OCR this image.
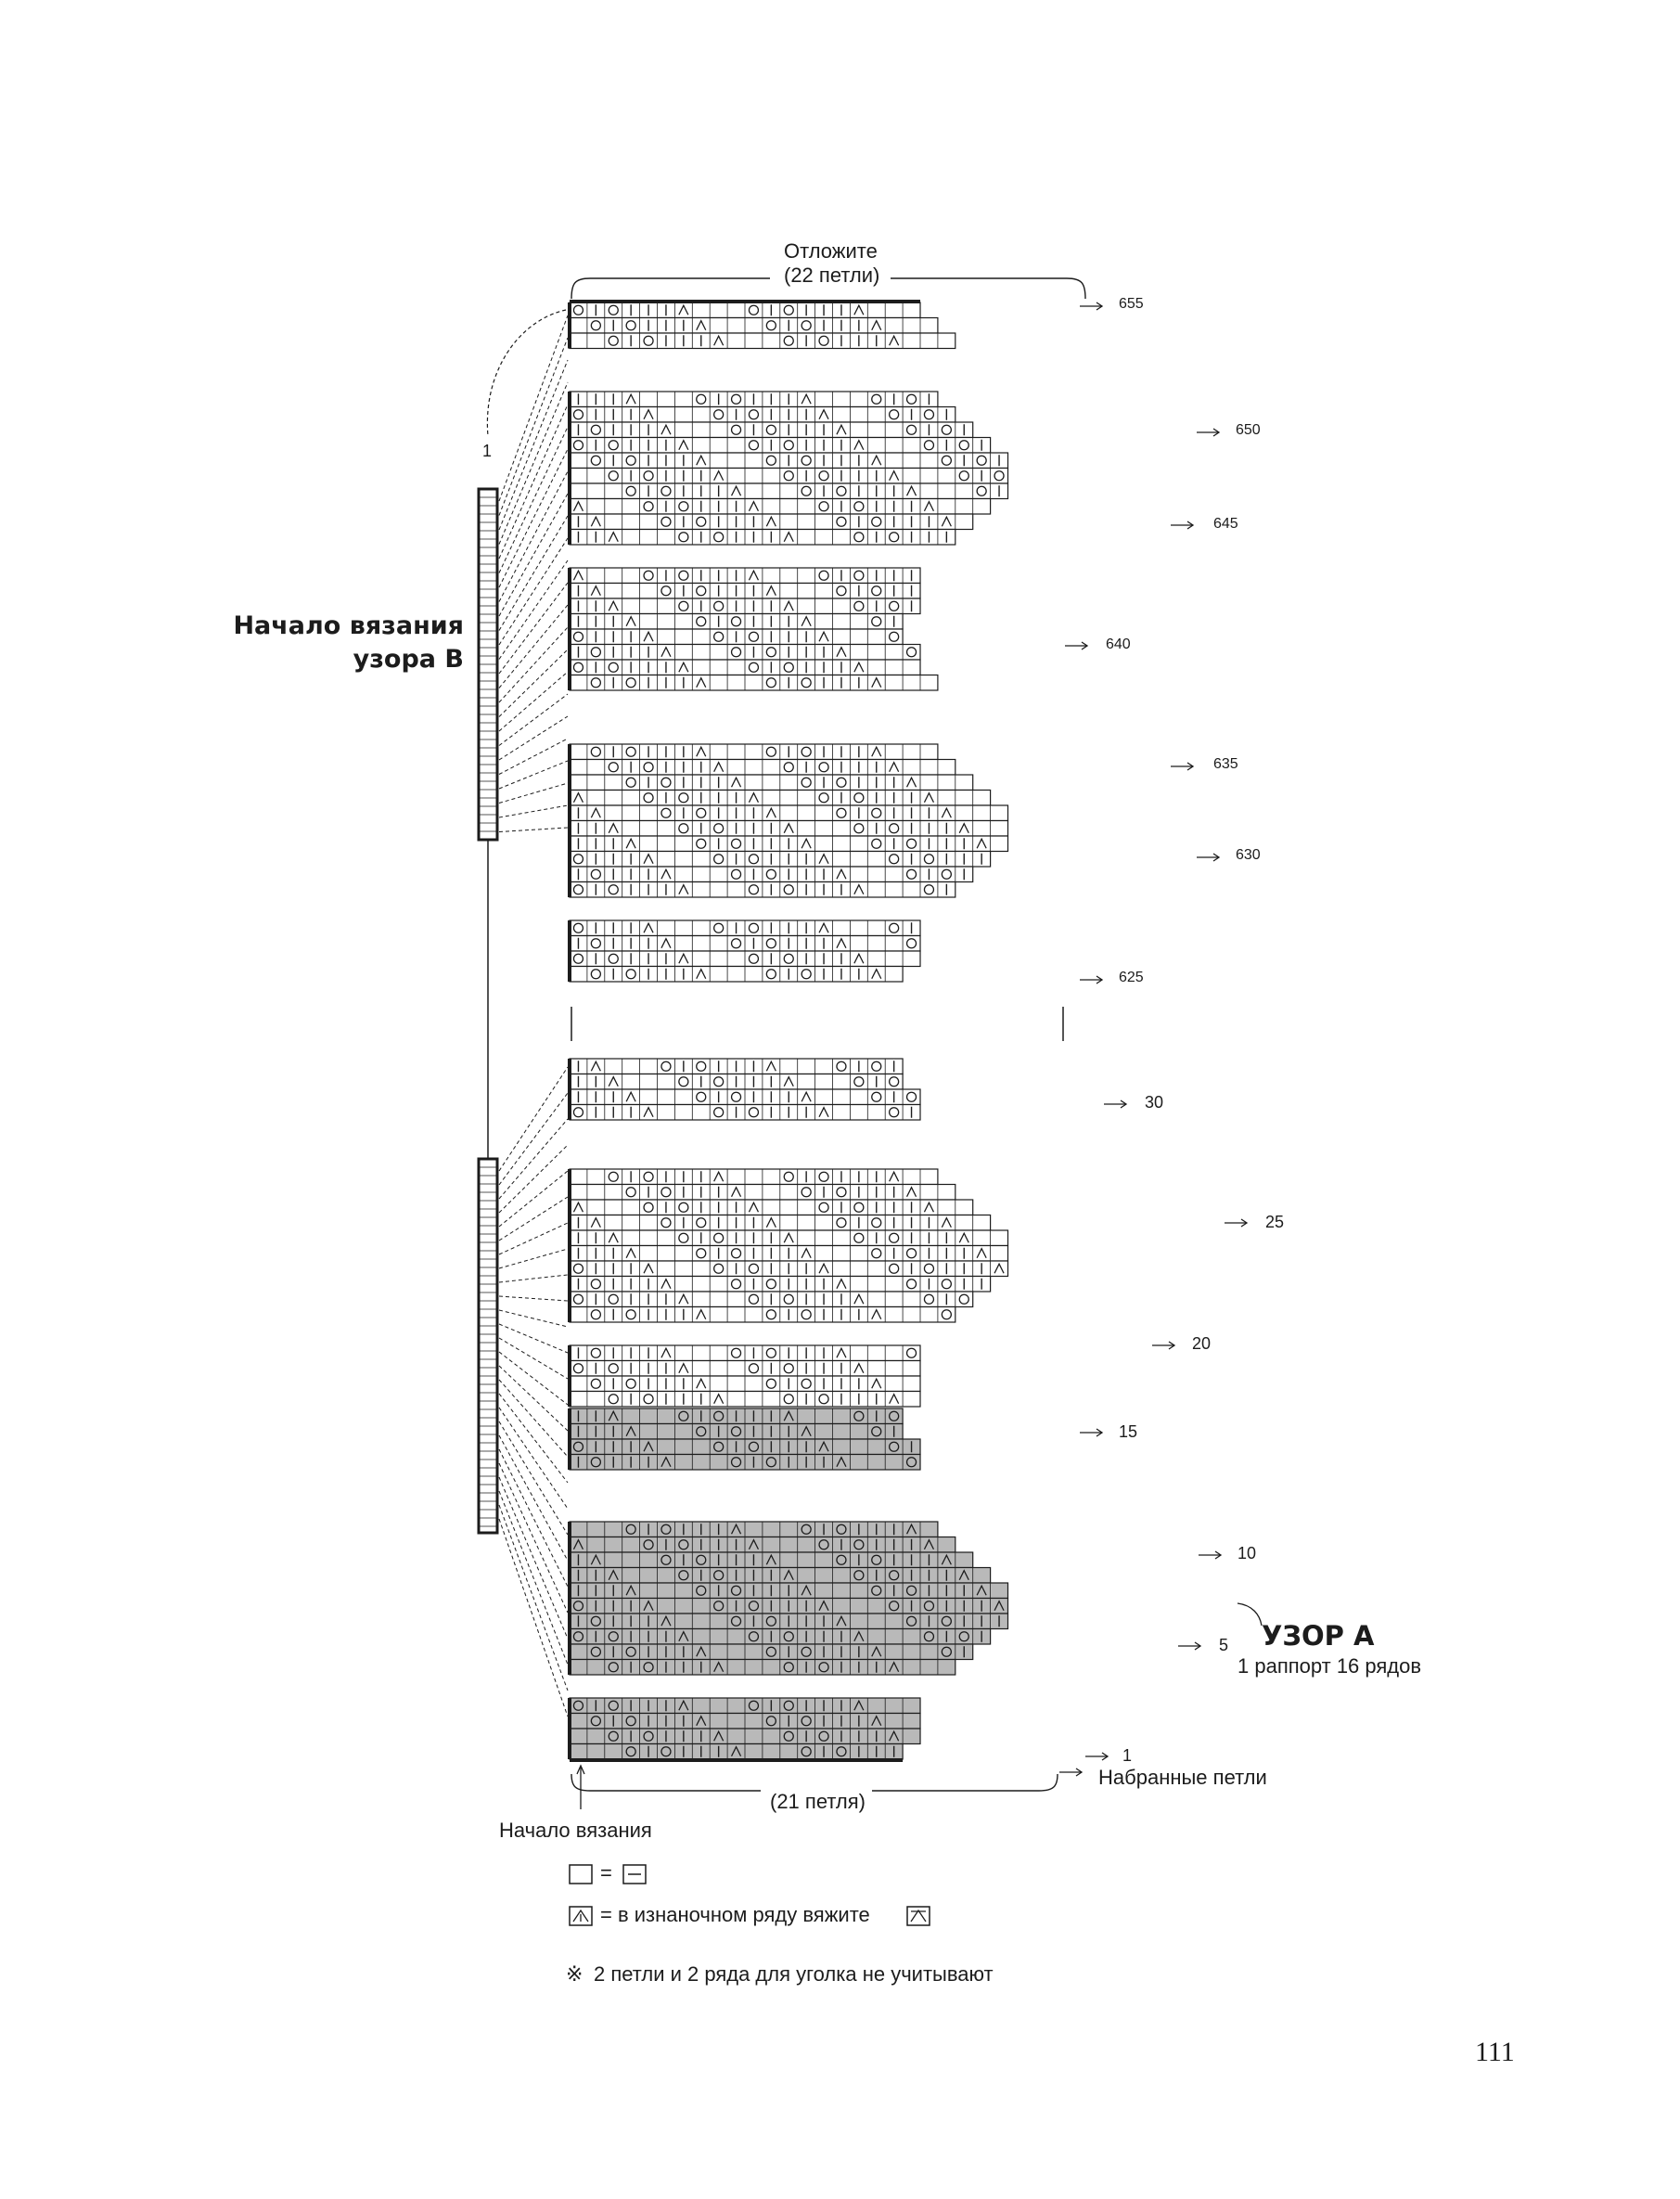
Отложите
(22 петли)
Начало вязания
узора В
УЗОР А
1 раппорт 16 рядов
Набранные петли
(21 петля)
Начало вязания
655
650
645
640
635
630
625
30
25
20
15
10
5
1
1
=
= в изнаночном ряду вяжите
※ 2 петли и 2 ряда для уголка не учитывают
111
